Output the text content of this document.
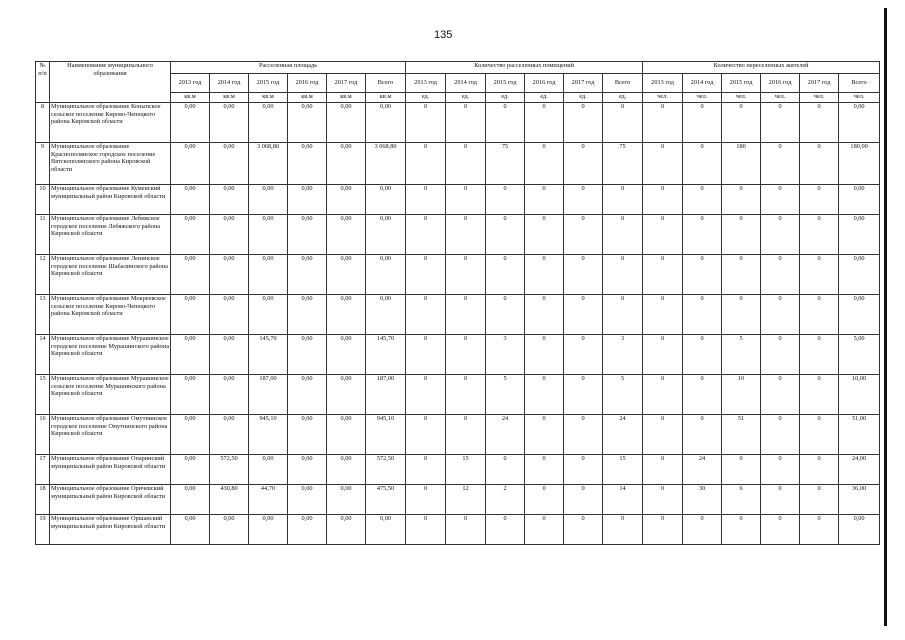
135
№ п/п	Наименование муниципального образования	Расселенная площадь						Количество расселенных помещений						Количество переселенных жителей					
		2013 год	2014 год	2015 год	2016 год	2017 год	Всего	2013 год	2014 год	2015 год	2016 год	2017 год	Всего	2013 год	2014 год	2015 год	2016 год	2017 год	Всего
		кв.м	кв.м	кв.м	кв.м	кв.м	кв.м	ед.	ед.	ед.	ед.	ед.	ед.	чел.	чел.	чел.	чел.	чел.	чел.
8	Муниципальное образование Коныпское сельское поселение Кирово-Чепецкого района Кировской области	0,00	0,00	0,00	0,00	0,00	0,00	0	0	0	0	0	0	0	0	0	0	0	0,00
9	Муниципальное образование Краснополянское городское поселение Вятскополянского района Кировской области	0,00	0,00	3 068,80	0,00	0,00	3 068,80	0	0	75	0	0	75	0	0	180	0	0	180,00
10	Муниципальное образование Куменский муниципальный район Кировской области	0,00	0,00	0,00	0,00	0,00	0,00	0	0	0	0	0	0	0	0	0	0	0	0,00
11	Муниципальное образование Лебяжское городское поселение Лебяжского района Кировской области	0,00	0,00	0,00	0,00	0,00	0,00	0	0	0	0	0	0	0	0	0	0	0	0,00
12	Муниципальное образование Ленинское городское поселение Шабалинского района Кировской области	0,00	0,00	0,00	0,00	0,00	0,00	0	0	0	0	0	0	0	0	0	0	0	0,00
13	Муниципальное образование Мокреевское сельское поселение Кирово-Чепецкого района Кировской области	0,00	0,00	0,00	0,00	0,00	0,00	0	0	0	0	0	0	0	0	0	0	0	0,00
14	Муниципальное образование Мурашинское городское поселение Мурашинского района Кировской области	0,00	0,00	145,70	0,00	0,00	145,70	0	0	3	0	0	3	0	0	5	0	0	5,00
15	Муниципальное образование Мурашинское сельское поселение Мурашинского района Кировской области	0,00	0,00	187,00	0,00	0,00	187,00	0	0	5	0	0	5	0	0	10	0	0	10,00
16	Муниципальное образование Омутнинское городское поселение Омутнинского района Кировской области	0,00	0,00	945,10	0,00	0,00	945,10	0	0	24	0	0	24	0	0	51	0	0	51,00
17	Муниципальное образование Опаринский муниципальный район Кировской области	0,00	572,50	0,00	0,00	0,00	572,50	0	15	0	0	0	15	0	24	0	0	0	24,00
18	Муниципальное образование Оричевский муниципальный район Кировской области	0,00	430,80	44,70	0,00	0,00	475,50	0	12	2	0	0	14	0	30	6	0	0	36,00
19	Муниципальное образование Оршанский муниципальный район Кировской области	0,00	0,00	0,00	0,00	0,00	0,00	0	0	0	0	0	0	0	0	0	0	0	0,00
